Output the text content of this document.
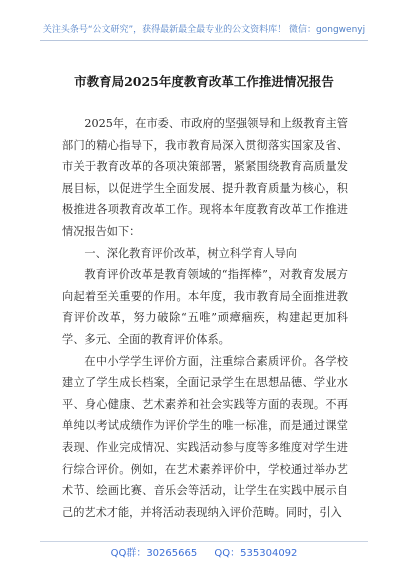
关注头条号“公文研究”，获得最新最全最专业的公文资料库！ 微信：gongwenyj
市教育局2025年度教育改革工作推进情况报告

2025年，在市委、市政府的坚强领导和上级教育主管部门的精心指导下，我市教育局深入贯彻落实国家及省、市关于教育改革的各项决策部署，紧紧围绕教育高质量发展目标，以促进学生全面发展、提升教育质量为核心，积极推进各项教育改革工作。现将本年度教育改革工作推进情况报告如下：

一、深化教育评价改革，树立科学育人导向

教育评价改革是教育领域的“指挥棒”，对教育发展方向起着至关重要的作用。本年度，我市教育局全面推进教育评价改革，努力破除“五唯”顽瘴痼疾，构建起更加科学、多元、全面的教育评价体系。

在中小学学生评价方面，注重综合素质评价。各学校建立了学生成长档案，全面记录学生在思想品德、学业水平、身心健康、艺术素养和社会实践等方面的表现。不再单纯以考试成绩作为评价学生的唯一标准，而是通过课堂表现、作业完成情况、实践活动参与度等多维度对学生进行综合评价。例如，在艺术素养评价中，学校通过举办艺术节、绘画比赛、音乐会等活动，让学生在实践中展示自己的艺术才能，并将活动表现纳入评价范畴。同时，引入

QQ群：30265665 QQ：535304092
